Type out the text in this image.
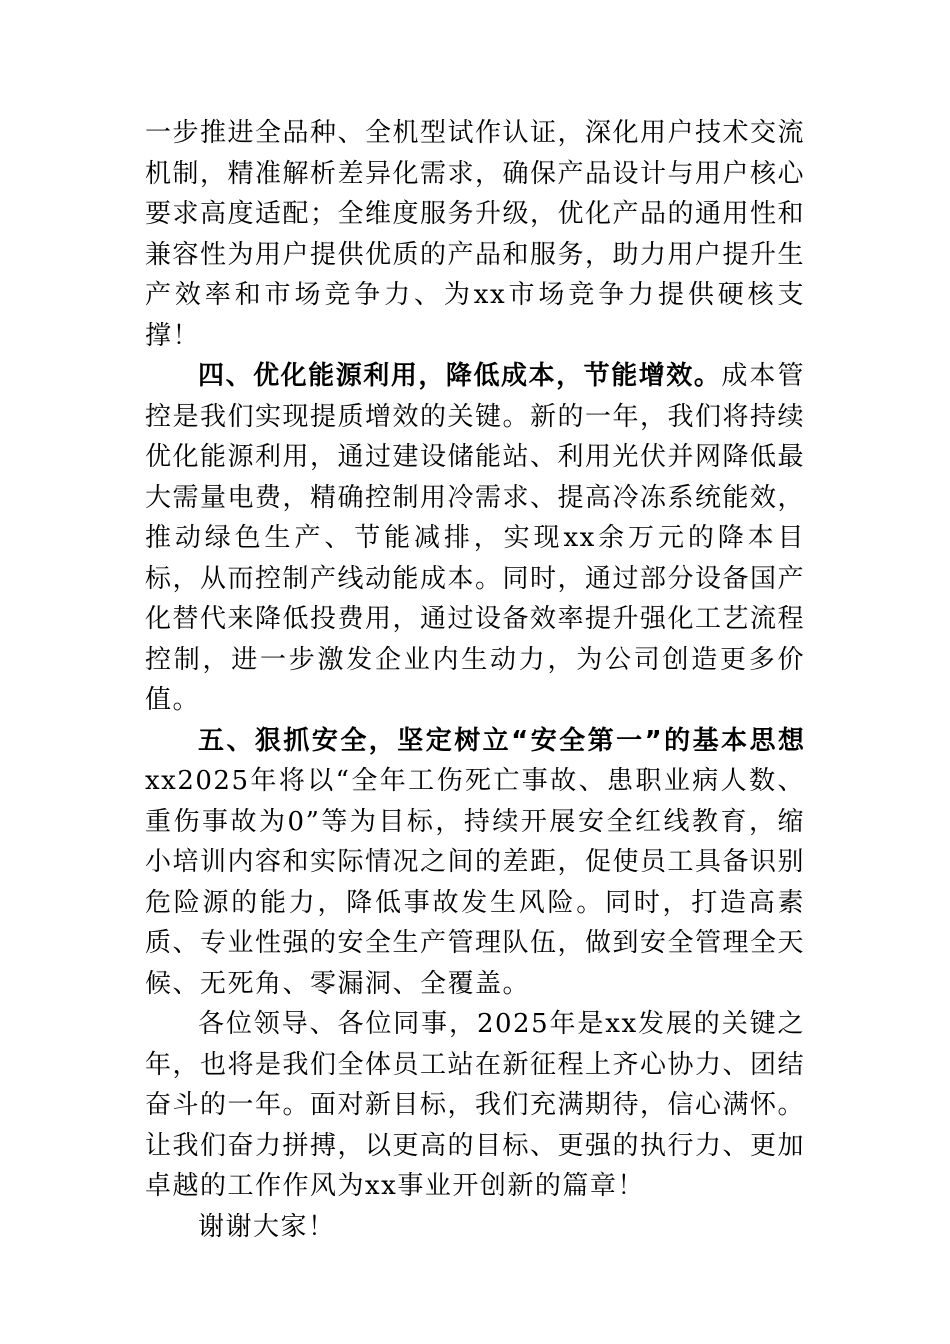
一步推进全品种、全机型试作认证，深化用户技术交流机制，精准解析差异化需求，确保产品设计与用户核心要求高度适配；全维度服务升级，优化产品的通用性和兼容性为用户提供优质的产品和服务，助力用户提升生产效率和市场竞争力、为xx市场竞争力提供硬核支撑！

四、优化能源利用，降低成本，节能增效。成本管控是我们实现提质增效的关键。新的一年，我们将持续优化能源利用，通过建设储能站、利用光伏并网降低最大需量电费，精确控制用冷需求、提高冷冻系统能效，推动绿色生产、节能减排，实现xx余万元的降本目标，从而控制产线动能成本。同时，通过部分设备国产化替代来降低投费用，通过设备效率提升强化工艺流程控制，进一步激发企业内生动力，为公司创造更多价值。

五、狠抓安全，坚定树立“安全第一”的基本思想xx2025年将以“全年工伤死亡事故、患职业病人数、重伤事故为0”等为目标，持续开展安全红线教育，缩小培训内容和实际情况之间的差距，促使员工具备识别危险源的能力，降低事故发生风险。同时，打造高素质、专业性强的安全生产管理队伍，做到安全管理全天候、无死角、零漏洞、全覆盖。

各位领导、各位同事，2025年是xx发展的关键之年，也将是我们全体员工站在新征程上齐心协力、团结奋斗的一年。面对新目标，我们充满期待，信心满怀。让我们奋力拼搏，以更高的目标、更强的执行力、更加卓越的工作作风为xx事业开创新的篇章！

谢谢大家！
